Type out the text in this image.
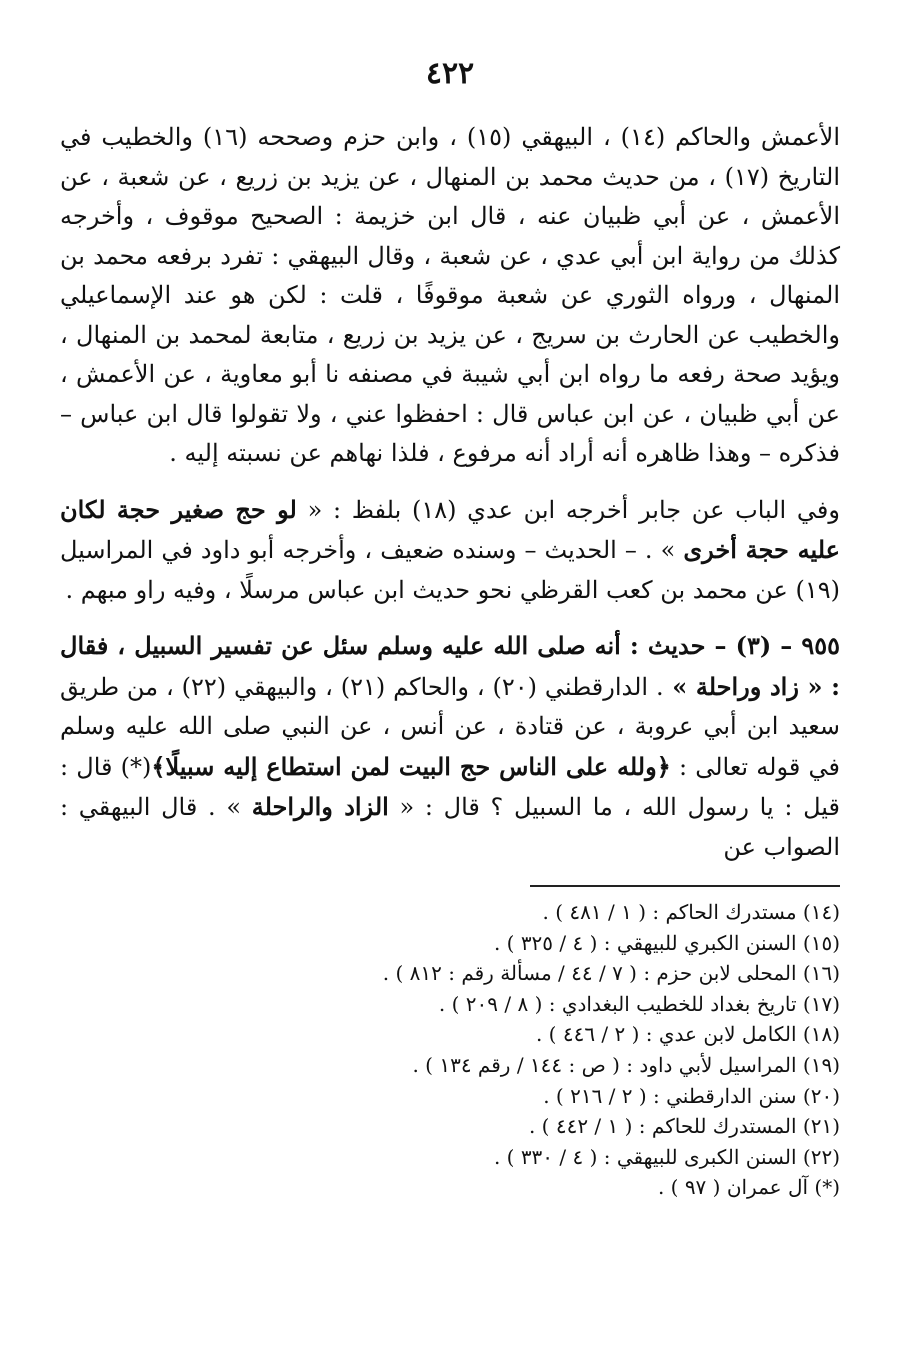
٤٢٢

الأعمش والحاكم (١٤) ، البيهقي (١٥) ، وابن حزم وصححه (١٦) والخطيب في التاريخ (١٧) ، من حديث محمد بن المنهال ، عن يزيد بن زريع ، عن شعبة ، عن الأعمش ، عن أبي ظبيان عنه ، قال ابن خزيمة : الصحيح موقوف ، وأخرجه كذلك من رواية ابن أبي عدي ، عن شعبة ، وقال البيهقي : تفرد برفعه محمد بن المنهال ، ورواه الثوري عن شعبة موقوفًا ، قلت : لكن هو عند الإسماعيلي والخطيب عن الحارث بن سريج ، عن يزيد بن زريع ، متابعة لمحمد بن المنهال ، ويؤيد صحة رفعه ما رواه ابن أبي شيبة في مصنفه نا أبو معاوية ، عن الأعمش ، عن أبي ظبيان ، عن ابن عباس قال : احفظوا عني ، ولا تقولوا قال ابن عباس – فذكره – وهذا ظاهره أنه أراد أنه مرفوع ، فلذا نهاهم عن نسبته إليه .

وفي الباب عن جابر أخرجه ابن عدي (١٨) بلفظ : « لو حج صغير حجة لكان عليه حجة أخرى » . – الحديث – وسنده ضعيف ، وأخرجه أبو داود في المراسيل (١٩) عن محمد بن كعب القرظي نحو حديث ابن عباس مرسلًا ، وفيه راو مبهم .

٩٥٥ – (٣) – حديث : أنه صلى الله عليه وسلم سئل عن تفسير السبيل ، فقال : « زاد وراحلة » . الدارقطني (٢٠) ، والحاكم (٢١) ، والبيهقي (٢٢) ، من طريق سعيد ابن أبي عروبة ، عن قتادة ، عن أنس ، عن النبي صلى الله عليه وسلم في قوله تعالى : ﴿ولله على الناس حج البيت لمن استطاع إليه سبيلًا﴾(*) قال : قيل : يا رسول الله ، ما السبيل ؟ قال : « الزاد والراحلة » . قال البيهقي : الصواب عن

(١٤) مستدرك الحاكم : ( ١ / ٤٨١ ) .
(١٥) السنن الكبري للبيهقي : ( ٤ / ٣٢٥ ) .
(١٦) المحلى لابن حزم : ( ٧ / ٤٤ / مسألة رقم : ٨١٢ ) .
(١٧) تاريخ بغداد للخطيب البغدادي : ( ٨ / ٢٠٩ ) .
(١٨) الكامل لابن عدي : ( ٢ / ٤٤٦ ) .
(١٩) المراسيل لأبي داود : ( ص : ١٤٤ / رقم ١٣٤ ) .
(٢٠) سنن الدارقطني : ( ٢ / ٢١٦ ) .
(٢١) المستدرك للحاكم : ( ١ / ٤٤٢ ) .
(٢٢) السنن الكبرى للبيهقي : ( ٤ / ٣٣٠ ) .
(*) آل عمران ( ٩٧ ) .
